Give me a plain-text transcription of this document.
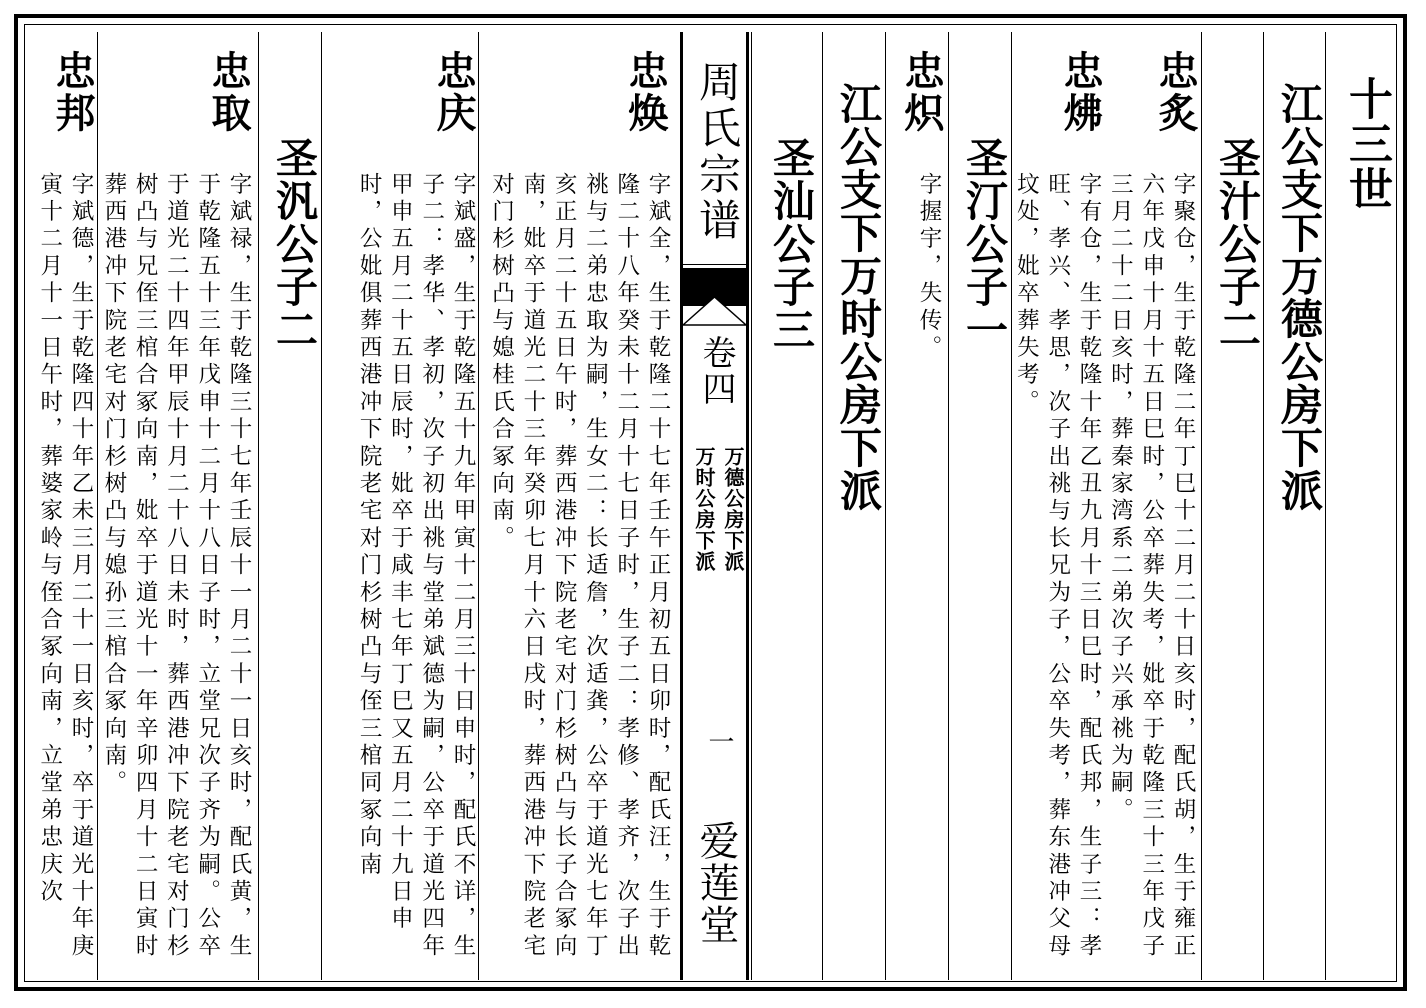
十三世
江公支下万德公房下派
圣汁公子二
忠炙
字聚仓，生于乾隆二年丁巳十二月二十日亥时，配氏胡，生于雍正六年戊申十月十五日巳时，公卒葬失考，妣卒于乾隆三十三年戊子三月二十二日亥时，葬秦家湾系二弟次子兴承祧为嗣。
忠炥
字有仓，生于乾隆十年乙丑九月十三日巳时，配氏邦，生子三：孝旺、孝兴、孝思，次子出祧与长兄为子，公卒失考，葬东港冲父母坟处，妣卒葬失考。
圣汀公子一
忠炽
字握宇，失传。
江公支下万时公房下派
圣汕公子三
周氏宗谱
卷四
万德公房下派
万时公房下派
一
爱莲堂
忠焕
字斌全，生于乾隆二十七年壬午正月初五日卯时，配氏汪，生于乾隆二十八年癸未十二月十七日子时，生子二：孝修、孝齐，次子出祧与二弟忠取为嗣，生女二：长适詹，次适龚，公卒于道光七年丁亥正月二十五日午时，葬西港冲下院老宅对门杉树凸与长子合冢向南，妣卒于道光二十三年癸卯七月十六日戌时，葬西港冲下院老宅对门杉树凸与媳桂氏合冢向南。
忠庆
字斌盛，生于乾隆五十九年甲寅十二月三十日申时，配氏不详，生子二：孝华、孝初，次子初出祧与堂弟斌德为嗣，公卒于道光四年甲申五月二十五日辰时，妣卒于咸丰七年丁巳又五月二十九日申时，公妣俱葬西港冲下院老宅对门杉树凸与侄三棺同冢向南
圣汎公子二
忠取
字斌禄，生于乾隆三十七年壬辰十一月二十一日亥时，配氏黄，生于乾隆五十三年戊申十二月十八日子时，立堂兄次子齐为嗣。公卒于道光二十四年甲辰十月二十八日未时，葬西港冲下院老宅对门杉树凸与兄侄三棺合冢向南，妣卒于道光十一年辛卯四月十二日寅时葬西港冲下院老宅对门杉树凸与媳孙三棺合冢向南。
忠邦
字斌德，生于乾隆四十年乙未三月二十一日亥时，卒于道光十年庚寅十二月十一日午时，葬婆家岭与侄合冢向南，立堂弟忠庆次
